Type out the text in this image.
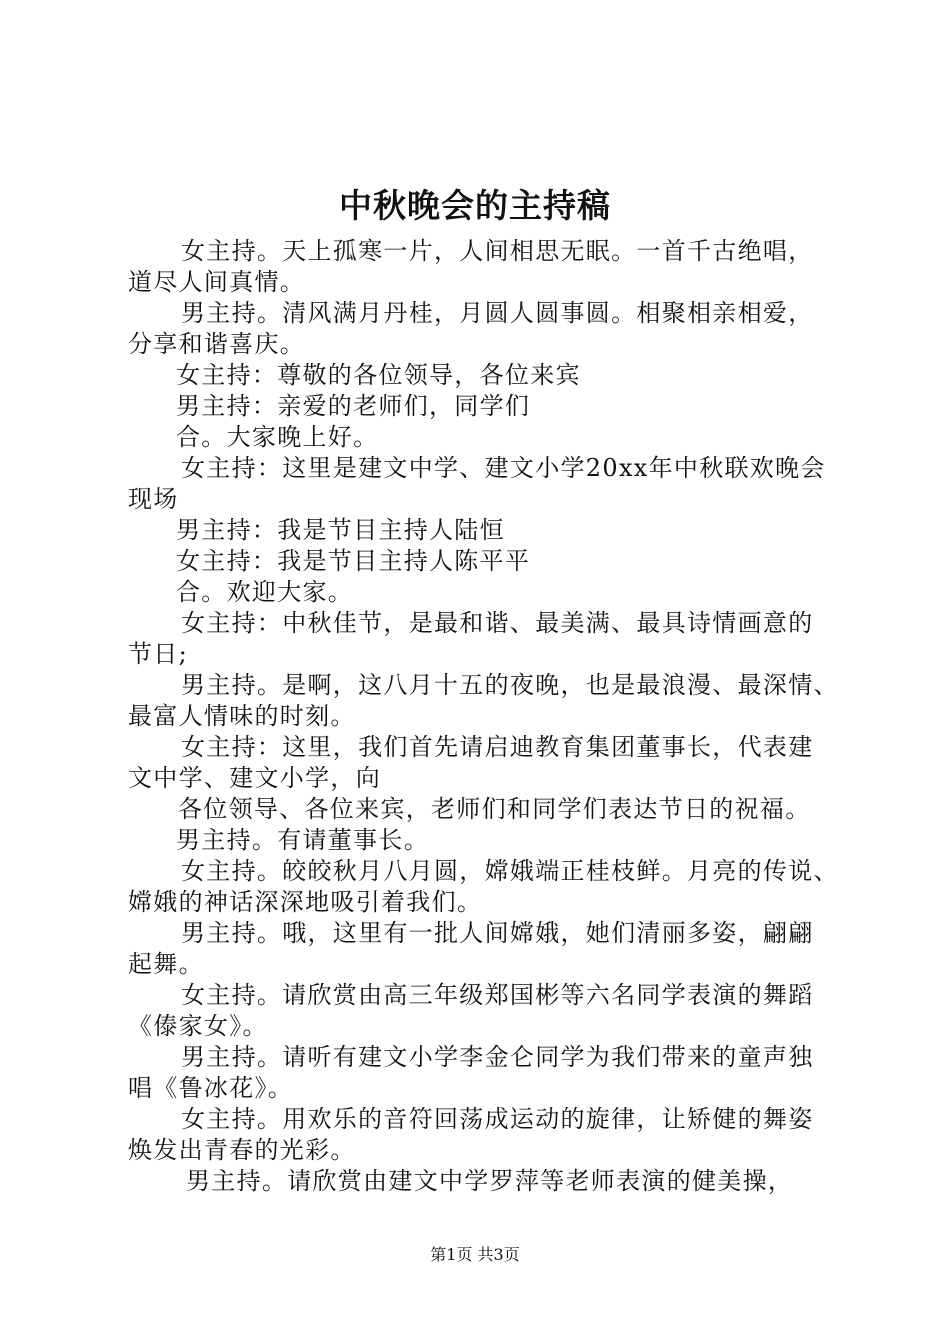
中秋晚会的主持稿
女主持。天上孤寒一片，人间相思无眠。一首千古绝唱，
道尽人间真情。
男主持。清风满月丹桂，月圆人圆事圆。相聚相亲相爱，
分享和谐喜庆。
女主持：尊敬的各位领导，各位来宾
男主持：亲爱的老师们，同学们
合。大家晚上好。
女主持：这里是建文中学、建文小学20xx年中秋联欢晚会
现场
男主持：我是节目主持人陆恒
女主持：我是节目主持人陈平平
合。欢迎大家。
女主持：中秋佳节，是最和谐、最美满、最具诗情画意的
节日;
男主持。是啊，这八月十五的夜晚，也是最浪漫、最深情、
最富人情味的时刻。
女主持：这里，我们首先请启迪教育集团董事长，代表建
文中学、建文小学，向
各位领导、各位来宾，老师们和同学们表达节日的祝福。
男主持。有请董事长。
女主持。皎皎秋月八月圆，嫦娥端正桂枝鲜。月亮的传说、
嫦娥的神话深深地吸引着我们。
男主持。哦，这里有一批人间嫦娥，她们清丽多姿，翩翩
起舞。
女主持。请欣赏由高三年级郑国彬等六名同学表演的舞蹈
《傣家女》。
男主持。请听有建文小学李金仑同学为我们带来的童声独
唱《鲁冰花》。
女主持。用欢乐的音符回荡成运动的旋律，让矫健的舞姿
焕发出青春的光彩。
男主持。请欣赏由建文中学罗萍等老师表演的健美操，
第1页 共3页
